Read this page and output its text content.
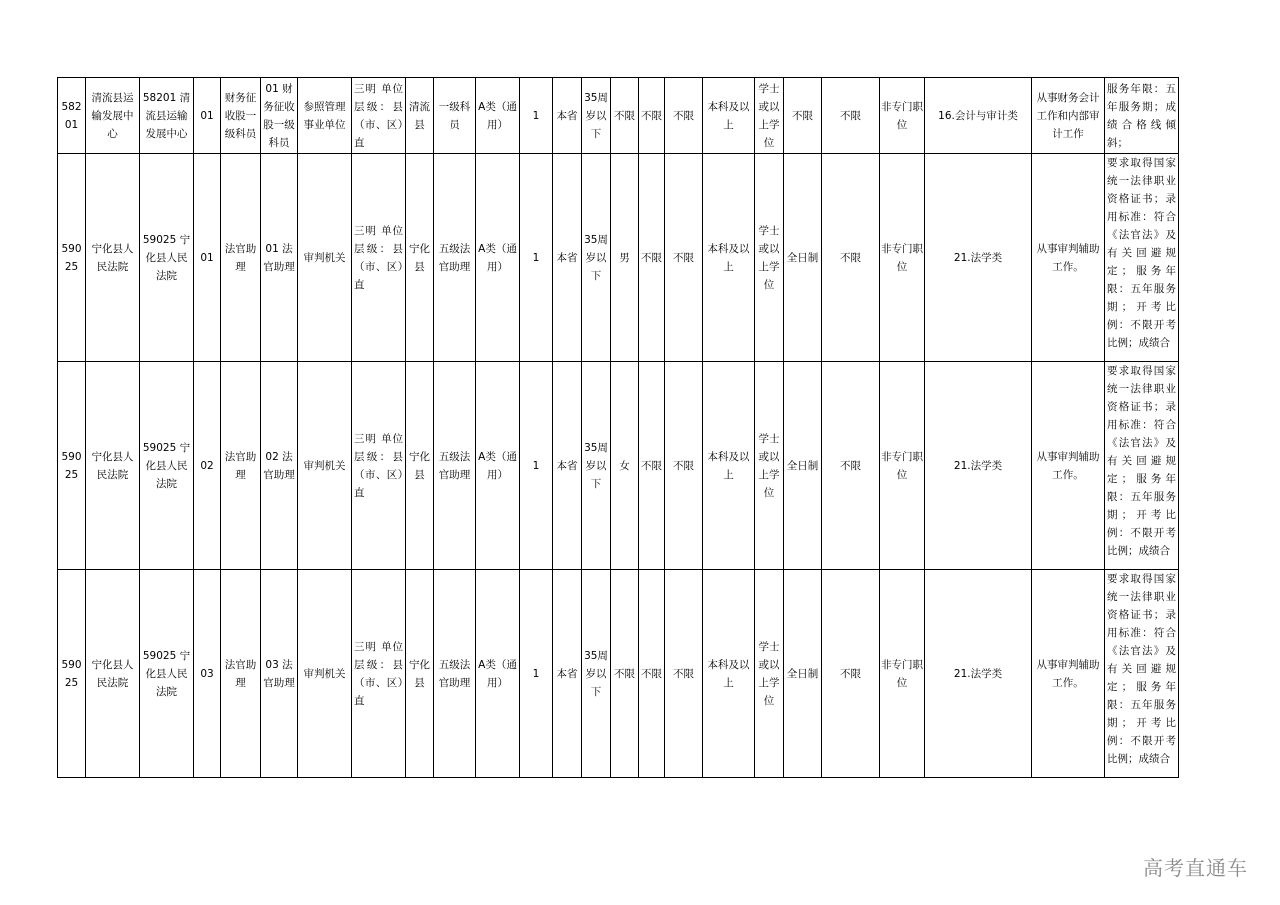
58201	清流县运输发展中心	58201 清流县运输发展中心	01	财务征收股一级科员	01 财务征收股一级科员	参照管理事业单位	三明 单位层级：县（市、区）直	清流县	一级科员	A类（通用）	1	本省	35周岁以下	不限	不限	不限	本科及以上	学士或以上学位	不限	不限	非专门职位	16.会计与审计类	从事财务会计工作和内部审计工作	服务年限：五年服务期；成绩合格线倾斜；
59025	宁化县人民法院	59025 宁化县人民法院	01	法官助理	01 法官助理	审判机关	三明 单位层级：县（市、区）直	宁化县	五级法官助理	A类（通用）	1	本省	35周岁以下	男	不限	不限	本科及以上	学士或以上学位	全日制	不限	非专门职位	21.法学类	从事审判辅助工作。	要求取得国家统一法律职业资格证书；录用标准：符合《法官法》及有关回避规定；服务年限：五年服务期；开考比例：不限开考比例；成绩合
59025	宁化县人民法院	59025 宁化县人民法院	02	法官助理	02 法官助理	审判机关	三明 单位层级：县（市、区）直	宁化县	五级法官助理	A类（通用）	1	本省	35周岁以下	女	不限	不限	本科及以上	学士或以上学位	全日制	不限	非专门职位	21.法学类	从事审判辅助工作。	要求取得国家统一法律职业资格证书；录用标准：符合《法官法》及有关回避规定；服务年限：五年服务期；开考比例：不限开考比例；成绩合
59025	宁化县人民法院	59025 宁化县人民法院	03	法官助理	03 法官助理	审判机关	三明 单位层级：县（市、区）直	宁化县	五级法官助理	A类（通用）	1	本省	35周岁以下	不限	不限	不限	本科及以上	学士或以上学位	全日制	不限	非专门职位	21.法学类	从事审判辅助工作。	要求取得国家统一法律职业资格证书；录用标准：符合《法官法》及有关回避规定；服务年限：五年服务期；开考比例：不限开考比例；成绩合
高考直通车
